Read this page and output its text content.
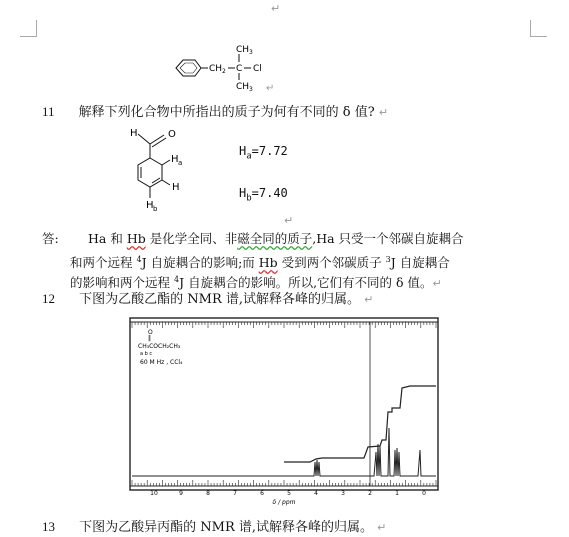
↵
CH 2 C Cl
CH 3
CH 3 ↵
11 解释下列化合物中所指出的质子为何有不同的 δ 值? ↵
H	O
H a
H
H b
$H_a=7.72$
$H_b=7.40$
↵
答: Ha 和 Hb 是化学全同、非磁全同的质子,Ha 只受一个邻碳自旋耦合
和两个远程 $^4$J 自旋耦合的影响;而 Hb 受到两个邻碳质子 $^3$J 自旋耦合
的影响和两个远程 $^4$J 自旋耦合的影响。所以,它们有不同的 δ 值。↵
12 下图为乙酸乙酯的 NMR 谱,试解释各峰的归属。 ↵
O
‖
CH₃COCH₂CH₃
a b c
60 M Hz , CCl₄
10	9	8	7	6	5	4	3	2	1	0
δ / ppm
13 下图为乙酸异丙酯的 NMR 谱,试解释各峰的归属。 ↵
